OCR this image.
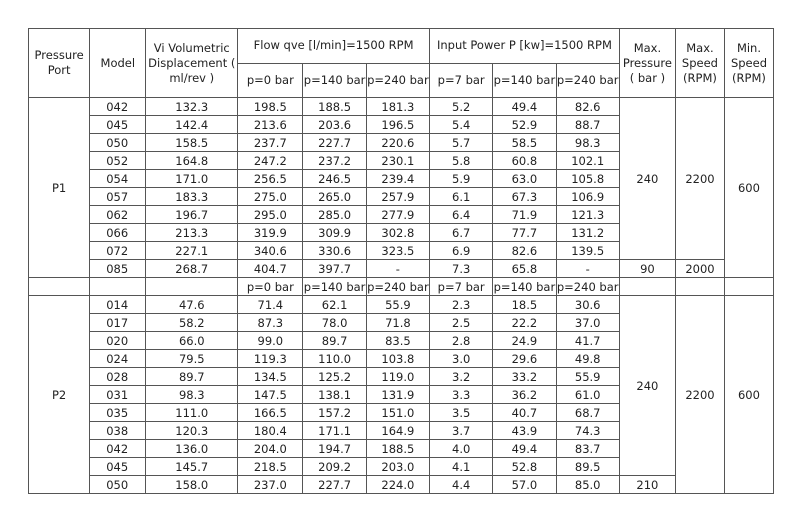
Pressure Port	Model	Vi Volumetric Displacement ( ml/rev )	Flow qve [l/min]=1500 RPM			Input Power P [kw]=1500 RPM			Max. Pressure ( bar )	Max. Speed (RPM)	Min. Speed (RPM)
			p=0 bar	p=140 bar	p=240 bar	p=7 bar	p=140 bar	p=240 bar			
P1	042	132.3	198.5	188.5	181.3	5.2	49.4	82.6	240	2200	600
	045	142.4	213.6	203.6	196.5	5.4	52.9	88.7			
	050	158.5	237.7	227.7	220.6	5.7	58.5	98.3			
	052	164.8	247.2	237.2	230.1	5.8	60.8	102.1			
	054	171.0	256.5	246.5	239.4	5.9	63.0	105.8			
	057	183.3	275.0	265.0	257.9	6.1	67.3	106.9			
	062	196.7	295.0	285.0	277.9	6.4	71.9	121.3			
	066	213.3	319.9	309.9	302.8	6.7	77.7	131.2			
	072	227.1	340.6	330.6	323.5	6.9	82.6	139.5			
	085	268.7	404.7	397.7	-	7.3	65.8	-	90	2000	
			p=0 bar	p=140 bar	p=240 bar	p=7 bar	p=140 bar	p=240 bar			
P2	014	47.6	71.4	62.1	55.9	2.3	18.5	30.6	240	2200	600
	017	58.2	87.3	78.0	71.8	2.5	22.2	37.0			
	020	66.0	99.0	89.7	83.5	2.8	24.9	41.7			
	024	79.5	119.3	110.0	103.8	3.0	29.6	49.8			
	028	89.7	134.5	125.2	119.0	3.2	33.2	55.9			
	031	98.3	147.5	138.1	131.9	3.3	36.2	61.0			
	035	111.0	166.5	157.2	151.0	3.5	40.7	68.7			
	038	120.3	180.4	171.1	164.9	3.7	43.9	74.3			
	042	136.0	204.0	194.7	188.5	4.0	49.4	83.7			
	045	145.7	218.5	209.2	203.0	4.1	52.8	89.5			
	050	158.0	237.0	227.7	224.0	4.4	57.0	85.0	210		
